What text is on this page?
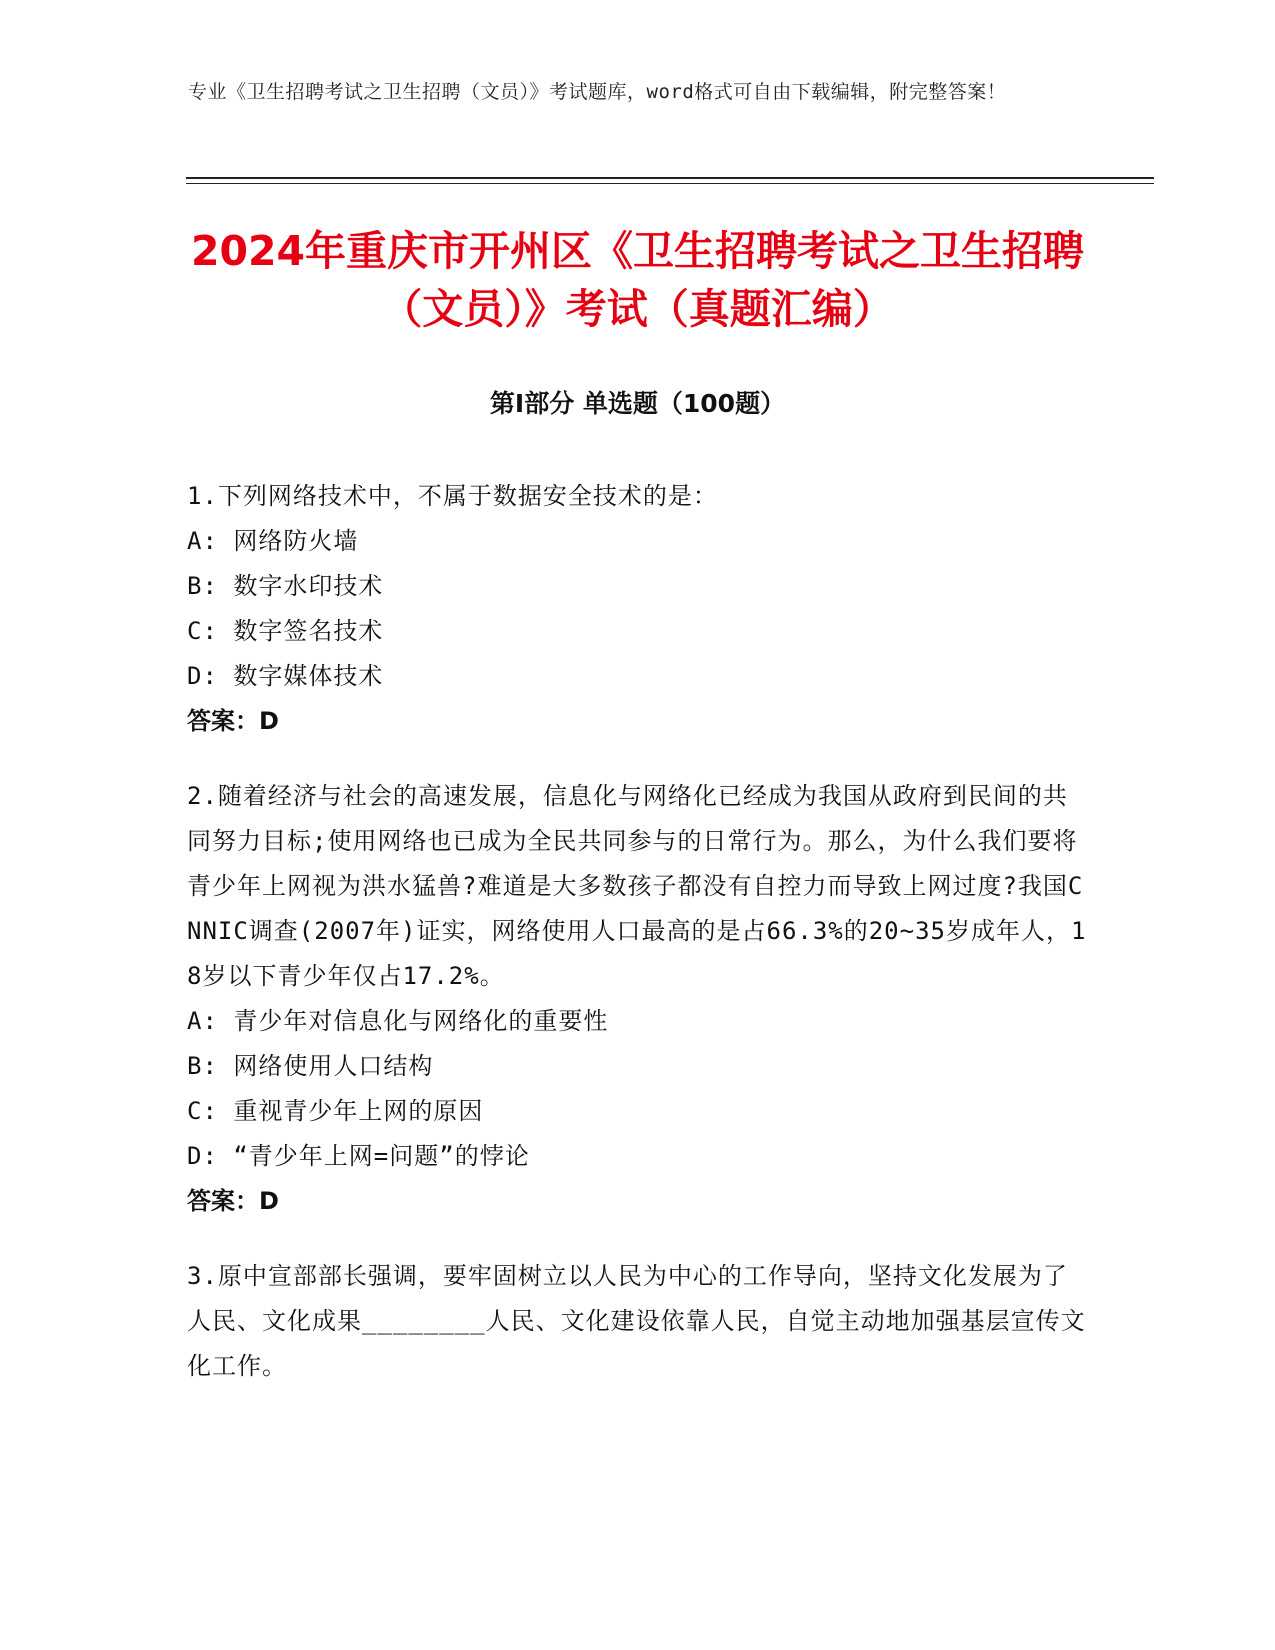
专业《卫生招聘考试之卫生招聘（文员）》考试题库，word格式可自由下载编辑，附完整答案！
2024年重庆市开州区《卫生招聘考试之卫生招聘（文员）》考试（真题汇编）
第I部分 单选题（100题）
1.下列网络技术中，不属于数据安全技术的是：
A: 网络防火墙
B: 数字水印技术
C: 数字签名技术
D: 数字媒体技术
答案：D
2.随着经济与社会的高速发展，信息化与网络化已经成为我国从政府到民间的共同努力目标;使用网络也已成为全民共同参与的日常行为。那么，为什么我们要将青少年上网视为洪水猛兽?难道是大多数孩子都没有自控力而导致上网过度?我国CNNIC调查(2007年)证实，网络使用人口最高的是占66.3%的20~35岁成年人，18岁以下青少年仅占17.2%。
A: 青少年对信息化与网络化的重要性
B: 网络使用人口结构
C: 重视青少年上网的原因
D: “青少年上网=问题”的悖论
答案：D
3.原中宣部部长强调，要牢固树立以人民为中心的工作导向，坚持文化发展为了人民、文化成果________人民、文化建设依靠人民，自觉主动地加强基层宣传文化工作。
